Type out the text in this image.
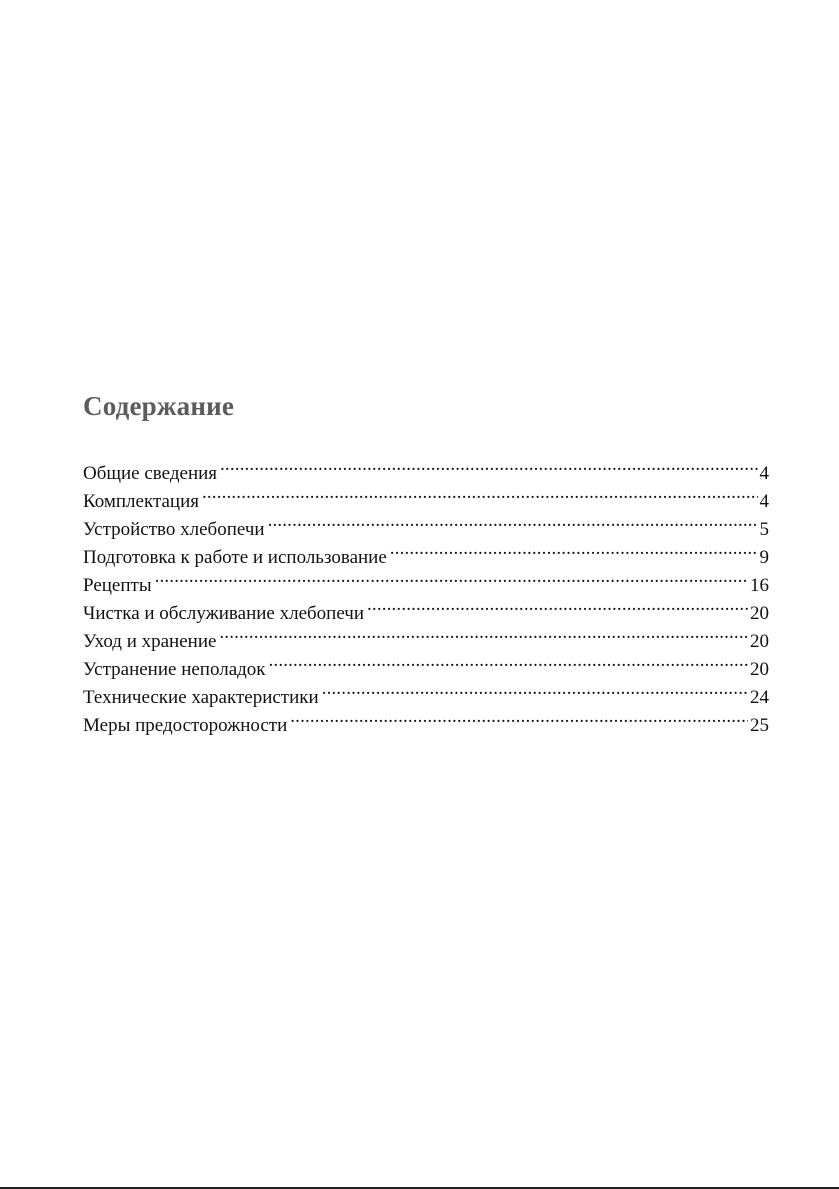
Содержание
Общие сведения . . .	4
Комплектация . . .	4
Устройство хлебопечи . . .	5
Подготовка к работе и использование . . .	9
Рецепты . . .	16
Чистка и обслуживание хлебопечи . . .	20
Уход и хранение . . .	20
Устранение неполадок . . .	20
Технические характеристики . . .	24
Меры предосторожности . . .	25
